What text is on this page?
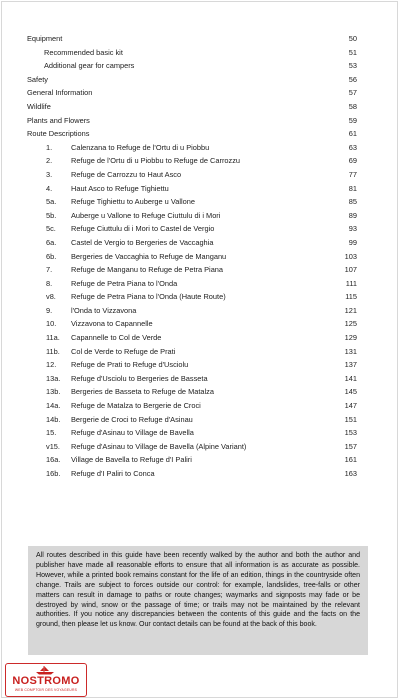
Equipment	50
Recommended basic kit	51
Additional gear for campers	53
Safety	56
General Information	57
Wildlife	58
Plants and Flowers	59
Route Descriptions	61
1.	Calenzana to Refuge de l'Ortu di u Piobbu	63
2.	Refuge de l'Ortu di u Piobbu to Refuge de Carrozzu	69
3.	Refuge de Carrozzu to Haut Asco	77
4.	Haut Asco to Refuge Tighiettu	81
5a. Refuge Tighiettu to Auberge u Vallone	85
5b. Auberge u Vallone to Refuge Ciuttulu di i Mori	89
5c. Refuge Ciuttulu di i Mori to Castel de Vergio	93
6a. Castel de Vergio to Bergeries de Vaccaghia	99
6b. Bergeries de Vaccaghia to Refuge de Manganu	103
7.	Refuge de Manganu to Refuge de Petra Piana	107
8.	Refuge de Petra Piana to l'Onda	111
v8. Refuge de Petra Piana to l'Onda (Haute Route)	115
9.	l'Onda to Vizzavona	121
10. Vizzavona to Capannelle	125
11a. Capannelle to Col de Verde	129
11b. Col de Verde to Refuge de Prati	131
12. Refuge de Prati to Refuge d'Usciolu	137
13a. Refuge d'Usciolu to Bergeries de Basseta	141
13b. Bergeries de Basseta to Refuge de Matalza	145
14a. Refuge de Matalza to Bergerie de Croci	147
14b. Bergerie de Croci to Refuge d'Asinau	151
15. Refuge d'Asinau to Village de Bavella	153
v15. Refuge d'Asinau to Village de Bavella (Alpine Variant)	157
16a. Village de Bavella to Refuge d'I Paliri	161
16b. Refuge d'I Paliri to Conca	163
All routes described in this guide have been recently walked by the author and both the author and publisher have made all reasonable efforts to ensure that all information is as accurate as possible. However, while a printed book remains constant for the life of an edition, things in the countryside often change. Trails are subject to forces outside our control: for example, landslides, tree-falls or other matters can result in damage to paths or route changes; waymarks and signposts may fade or be destroyed by wind, snow or the passage of time; or trails may not be maintained by the relevant authorities. If you notice any discrepancies between the contents of this guide and the facts on the ground, then please let us know. Our contact details can be found at the back of this book.
NOSTROMO
WEB COMPTOIR DES VOYAGEURS
